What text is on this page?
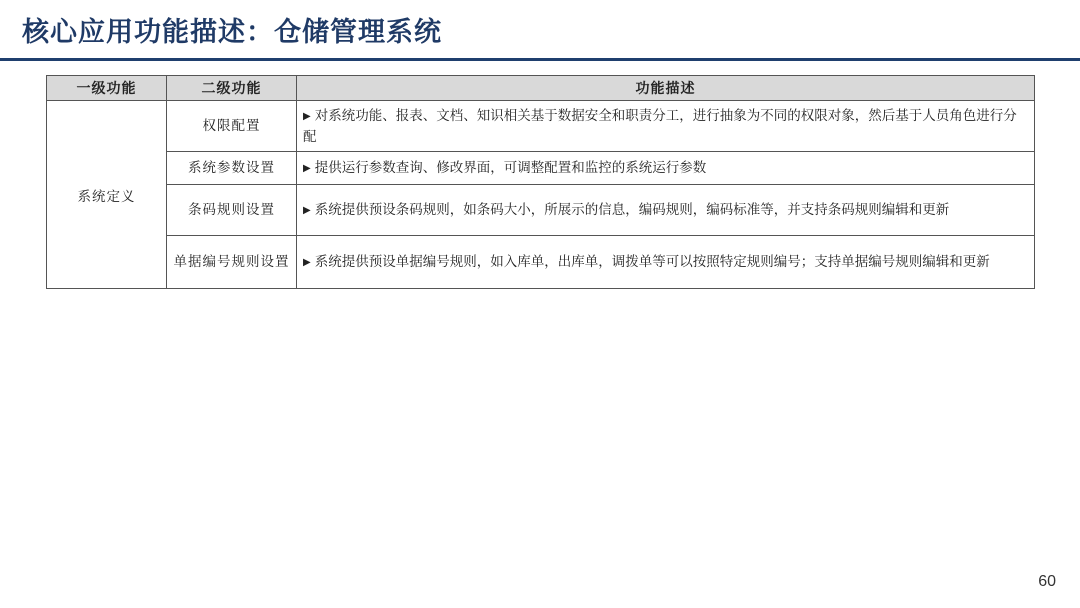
核心应用功能描述：仓储管理系统
一级功能	二级功能	功能描述
系统定义	权限配置	▶ 对系统功能、报表、文档、知识相关基于数据安全和职责分工，进行抽象为不同的权限对象，然后基于人员角色进行分配
	系统参数设置	▶ 提供运行参数查询、修改界面，可调整配置和监控的系统运行参数
	条码规则设置	▶ 系统提供预设条码规则，如条码大小，所展示的信息，编码规则，编码标准等，并支持条码规则编辑和更新
	单据编号规则设置	▶ 系统提供预设单据编号规则，如入库单，出库单，调拨单等可以按照特定规则编号；支持单据编号规则编辑和更新
60
